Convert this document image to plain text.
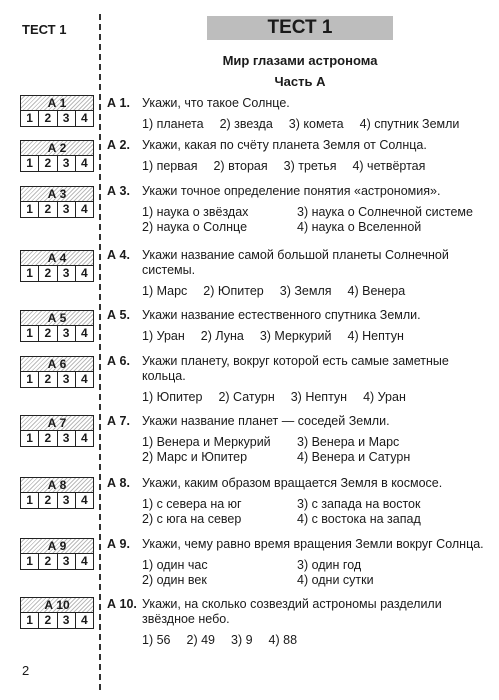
ТЕСТ 1
2
ТЕСТ 1
Мир глазами астронома
Часть А
А 1
1 2 3 4
А 2
1 2 3 4
А 3
1 2 3 4
А 4
1 2 3 4
А 5
1 2 3 4
А 6
1 2 3 4
А 7
1 2 3 4
А 8
1 2 3 4
А 9
1 2 3 4
А 10
1 2 3 4
А 1. Укажи, что такое Солнце.
1) планета 2) звезда 3) комета 4) спутник Земли
А 2. Укажи, какая по счёту планета Земля от Солнца.
1) первая 2) вторая 3) третья 4) четвёртая
А 3. Укажи точное определение понятия «астрономия».
1) наука о звёздах	3) наука о Солнечной системе
2) наука о Солнце	4) наука о Вселенной
А 4. Укажи название самой большой планеты Солнечной системы.
1) Марс 2) Юпитер 3) Земля 4) Венера
А 5. Укажи название естественного спутника Земли.
1) Уран 2) Луна 3) Меркурий 4) Нептун
А 6. Укажи планету, вокруг которой есть самые заметные кольца.
1) Юпитер 2) Сатурн 3) Нептун 4) Уран
А 7. Укажи название планет — соседей Земли.
1) Венера и Меркурий	3) Венера и Марс
2) Марс и Юпитер	4) Венера и Сатурн
А 8. Укажи, каким образом вращается Земля в космосе.
1) с севера на юг	3) с запада на восток
2) с юга на север	4) с востока на запад
А 9. Укажи, чему равно время вращения Земли вокруг Солнца.
1) один час	3) один год
2) один век	4) одни сутки
А 10. Укажи, на сколько созвездий астрономы разделили звёздное небо.
1) 56 2) 49 3) 9 4) 88
